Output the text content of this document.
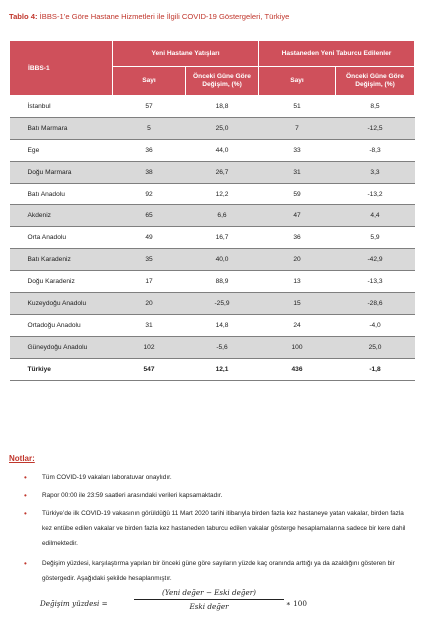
Tablo 4: İBBS-1’e Göre Hastane Hizmetleri ile İlgili COVID-19 Göstergeleri, Türkiye
İBBS-1	Yeni Hastane Yatışları		Hastaneden Yeni Taburcu Edilenler	
	Sayı	Önceki Güne Göre Değişim, (%)	Sayı	Önceki Güne Göre Değişim, (%)
İstanbul	57	18,8	51	8,5
Batı Marmara	5	25,0	7	-12,5
Ege	36	44,0	33	-8,3
Doğu Marmara	38	26,7	31	3,3
Batı Anadolu	92	12,2	59	-13,2
Akdeniz	65	6,6	47	4,4
Orta Anadolu	49	16,7	36	5,9
Batı Karadeniz	35	40,0	20	-42,9
Doğu Karadeniz	17	88,9	13	-13,3
Kuzeydoğu Anadolu	20	-25,9	15	-28,6
Ortadoğu Anadolu	31	14,8	24	-4,0
Güneydoğu Anadolu	102	-5,6	100	25,0
Türkiye	547	12,1	436	-1,8
Notlar:
• Tüm COVID-19 vakaları laboratuvar onaylıdır.
• Rapor 00:00 ile 23:59 saatleri arasındaki verileri kapsamaktadır.
• Türkiye’de ilk COVID-19 vakasının görüldüğü 11 Mart 2020 tarihi itibarıyla birden fazla kez hastaneye yatan vakalar, birden fazla kez entübe edilen vakalar ve birden fazla kez hastaneden taburcu edilen vakalar gösterge hesaplamalarına sadece bir kere dahil edilmektedir.
• Değişim yüzdesi, karşılaştırma yapılan bir önceki güne göre sayıların yüzde kaç oranında arttığı ya da azaldığını gösteren bir göstergedir. Aşağıdaki şekilde hesaplanmıştır.
Değişim yüzdesi =
(Yeni değer − Eski değer)
Eski değer	∗ 100
